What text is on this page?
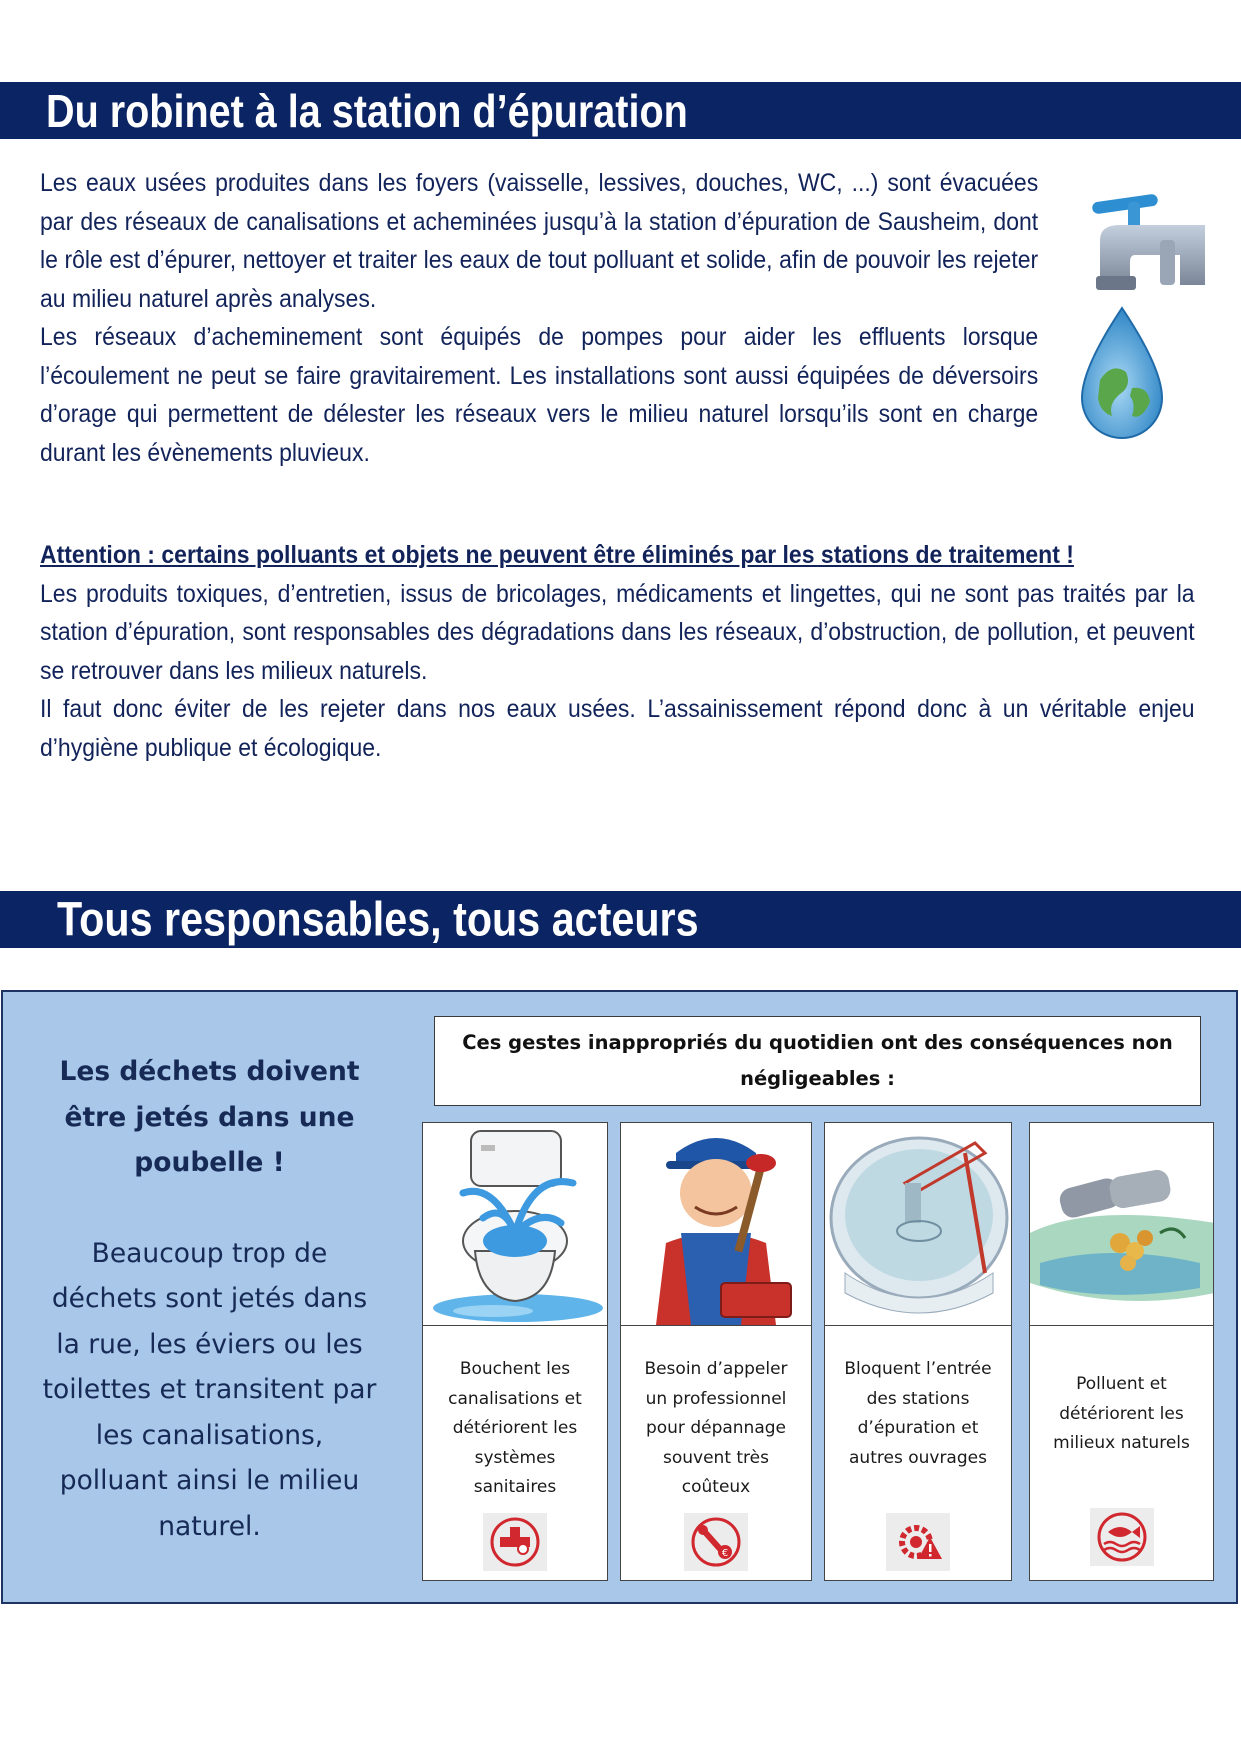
Du robinet à la station d’épuration

Les eaux usées produites dans les foyers (vaisselle, lessives, douches, WC, ...) sont évacuées par des réseaux de canalisations et acheminées jusqu’à la station d’épuration de Sausheim, dont le rôle est d’épurer, nettoyer et traiter les eaux de tout polluant et solide, afin de pouvoir les rejeter au milieu naturel après analyses.

Les réseaux d’acheminement sont équipés de pompes pour aider les effluents lorsque l’écoulement ne peut se faire gravitairement. Les installations sont aussi équipées de déversoirs d’orage qui permettent de délester les réseaux vers le milieu naturel lorsqu’ils sont en charge durant les évènements pluvieux.

Attention : certains polluants et objets ne peuvent être éliminés par les stations de traitement !

Les produits toxiques, d’entretien, issus de bricolages, médicaments et lingettes, qui ne sont pas traités par la station d’épuration, sont responsables des dégradations dans les réseaux, d’obstruction, de pollution, et peuvent se retrouver dans les milieux naturels.

Il faut donc éviter de les rejeter dans nos eaux usées. L’assainissement répond donc à un véritable enjeu d’hygiène publique et écologique.

Tous responsables, tous acteurs
Les déchets doivent
être jetés dans une
poubelle !
Beaucoup trop de
déchets sont jetés dans
la rue, les éviers ou les
toilettes et transitent par
les canalisations,
polluant ainsi le milieu
naturel.
Ces gestes inappropriés du quotidien ont des conséquences non
négligeables :
Bouchent les
canalisations et
détériorent les
systèmes
sanitaires
Besoin d’appeler
un professionnel
pour dépannage
souvent très
coûteux
€
Bloquent l’entrée
des stations
d’épuration et
autres ouvrages
Polluent et
détériorent les
milieux naturels
